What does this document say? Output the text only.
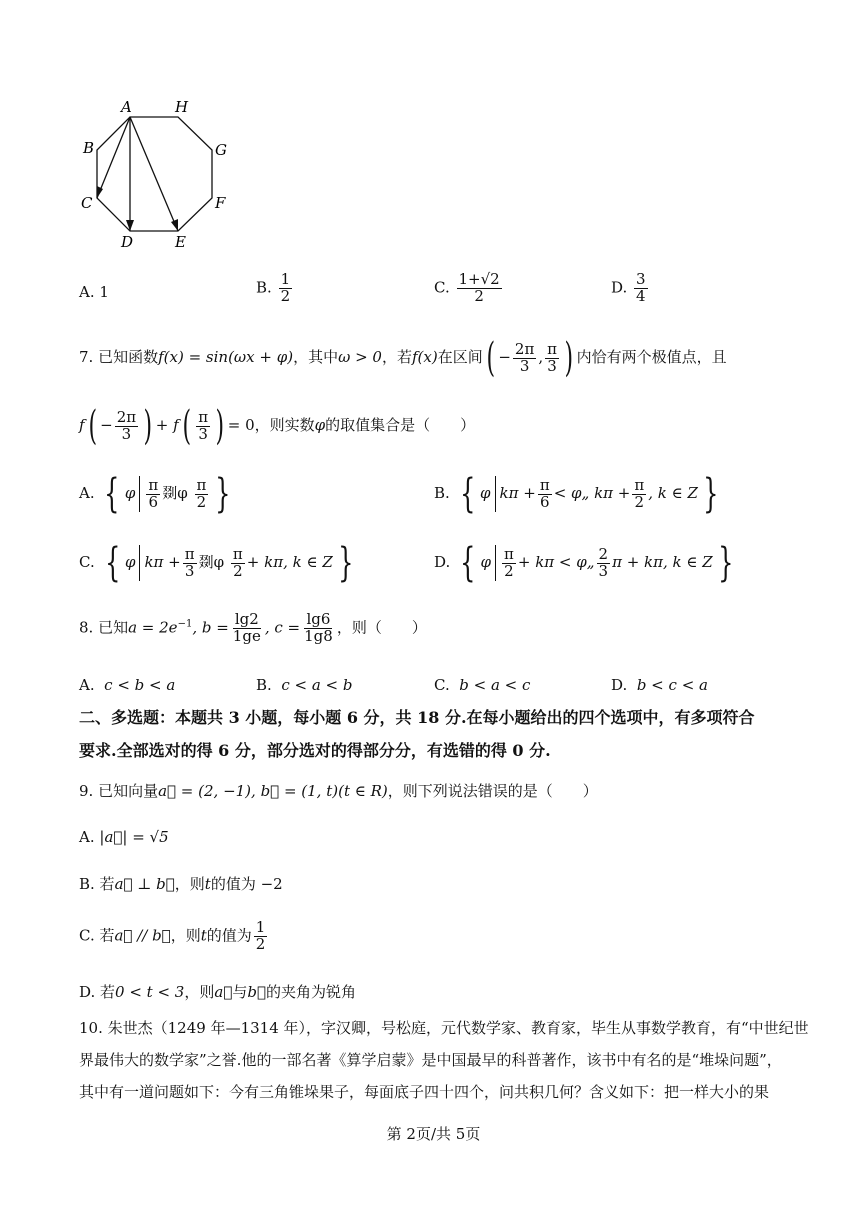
A	H
B	G
C	F
D	E
A. 1	B. $\frac{1}{2}$	C. $\frac{1+√2}{2}$	D. $\frac{3}{4}$
7. 已知函数f(x) = sin(ωx + φ)，其中ω > 0，若f(x)在区间( − $\frac{2\pi}{3}$ , $\frac{\pi}{3}$ ) 内恰有两个极值点，且
$f( - \frac{2\pi}{3}$ ) + $f( \frac{\pi}{3}$ ) = 0，则实数φ的取值集合是（　　）
A. { φ $\frac{\pi}{6}$ 剟φ $\frac{\pi}{2}$ }	B. { φ $k\pi + \frac{\pi}{6}$ < φ„ $k\pi + \frac{\pi}{2}$ , k ∈ Z }
C. { φ $k\pi + \frac{\pi}{3}$ 剟φ $\frac{\pi}{2} + k\pi$, k ∈ Z }	D. { φ $\frac{\pi}{2} + k\pi$ < φ„ $\frac{2}{3}$ π + kπ, k ∈ Z }
8. 已知$a = 2e^{-1}$, $b = \frac{\lg 2}{1ge}$ , $c = \frac{\lg 6}{1g8}$ ，则（　　）
A. c < b < a	B. c < a < b	C. b < a < c	D. b < c < a
二、多选题：本题共 3 小题，每小题 6 分，共 18 分.在每小题给出的四个选项中，有多项符合
要求.全部选对的得 6 分，部分选对的得部分分，有选错的得 0 分.
9. 已知向量a⃗ = (2, −1), b⃗ = (1, t)(t ∈ R)，则下列说法错误的是（　　）
A. |a⃗| = √5
B. 若a⃗ ⊥ b⃗，则t的值为 −2
C. 若a⃗ // b⃗，则t的值为 $\frac{1}{2}$
D. 若0 < t < 3，则a⃗与b⃗的夹角为锐角
10. 朱世杰（1249 年—1314 年），字汉卿，号松庭，元代数学家、教育家，毕生从事数学教育，有“中世纪世
界最伟大的数学家”之誉.他的一部名著《算学启蒙》是中国最早的科普著作，该书中有名的是“堆垛问题”，
其中有一道问题如下：今有三角锥垛果子，每面底子四十四个，问共积几何？含义如下：把一样大小的果
第 2页/共 5页
